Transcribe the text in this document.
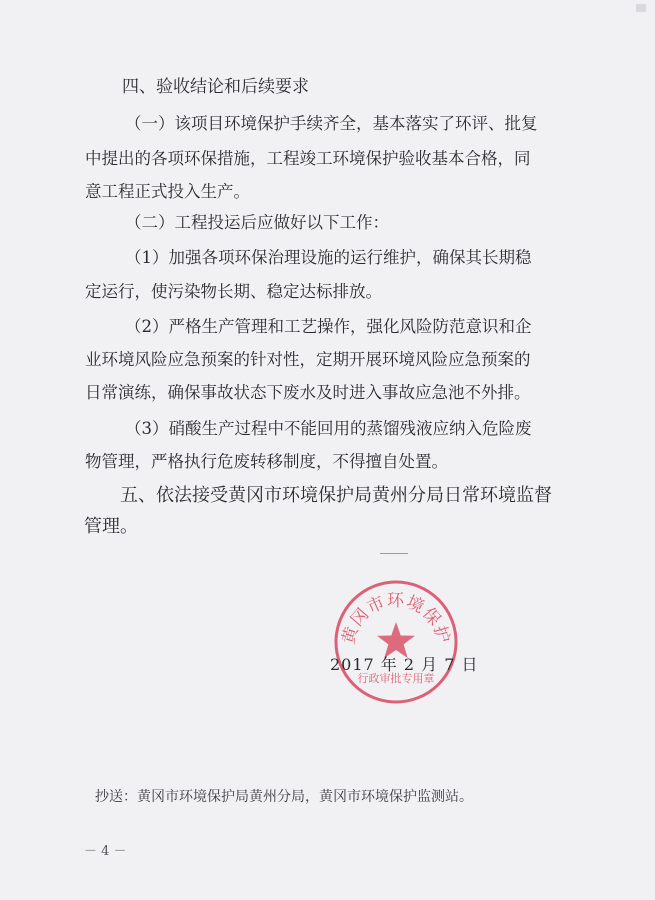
四、验收结论和后续要求
（一）该项目环境保护手续齐全，基本落实了环评、批复
中提出的各项环保措施，工程竣工环境保护验收基本合格，同
意工程正式投入生产。
（二）工程投运后应做好以下工作：
（1）加强各项环保治理设施的运行维护，确保其长期稳
定运行，使污染物长期、稳定达标排放。
（2）严格生产管理和工艺操作，强化风险防范意识和企
业环境风险应急预案的针对性，定期开展环境风险应急预案的
日常演练，确保事故状态下废水及时进入事故应急池不外排。
（3）硝酸生产过程中不能回用的蒸馏残液应纳入危险废
物管理，严格执行危废转移制度，不得擅自处置。
五、依法接受黄冈市环境保护局黄州分局日常环境监督
管理。
黄冈市环境保护
行政审批专用章
2017 年 2 月 7 日
抄送：黄冈市环境保护局黄州分局，黄冈市环境保护监测站。
－ 4 －
